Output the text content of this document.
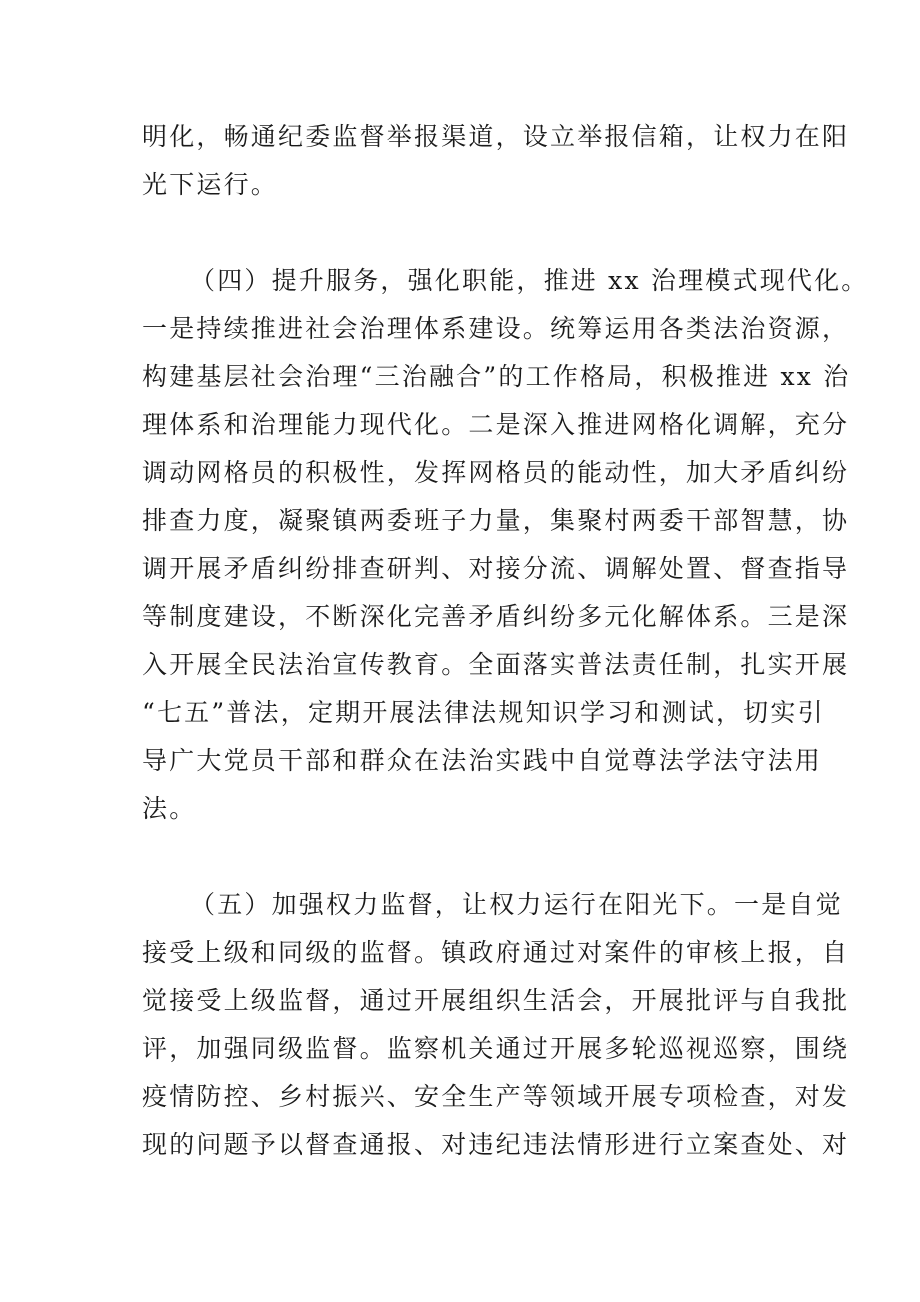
明化，畅通纪委监督举报渠道，设立举报信箱，让权力在阳
光下运行。
（四）提升服务，强化职能，推进 xx 治理模式现代化。
一是持续推进社会治理体系建设。统筹运用各类法治资源，
构建基层社会治理“三治融合”的工作格局，积极推进 xx 治
理体系和治理能力现代化。二是深入推进网格化调解，充分
调动网格员的积极性，发挥网格员的能动性，加大矛盾纠纷
排查力度，凝聚镇两委班子力量，集聚村两委干部智慧，协
调开展矛盾纠纷排查研判、对接分流、调解处置、督查指导
等制度建设，不断深化完善矛盾纠纷多元化解体系。三是深
入开展全民法治宣传教育。全面落实普法责任制，扎实开展
“七五”普法，定期开展法律法规知识学习和测试，切实引
导广大党员干部和群众在法治实践中自觉尊法学法守法用
法。
（五）加强权力监督，让权力运行在阳光下。一是自觉
接受上级和同级的监督。镇政府通过对案件的审核上报，自
觉接受上级监督，通过开展组织生活会，开展批评与自我批
评，加强同级监督。监察机关通过开展多轮巡视巡察，围绕
疫情防控、乡村振兴、安全生产等领域开展专项检查，对发
现的问题予以督查通报、对违纪违法情形进行立案查处、对
